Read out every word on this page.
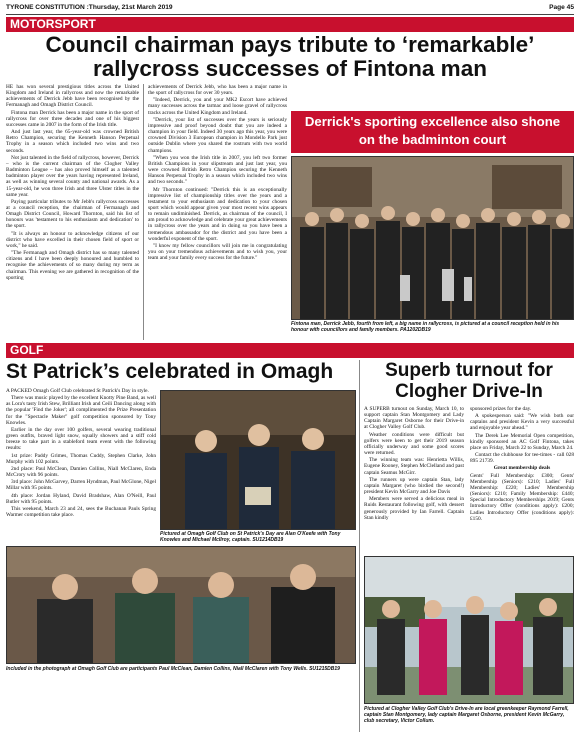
TYRONE CONSTITUTION :Thursday, 21st March 2019	Page 45
MOTORSPORT
Council chairman pays tribute to ‘remarkable’ rallycross successes of Fintona man

HE has won several prestigious titles across the United Kingdom and Ireland in rallycross and now the remarkable achievements of Derrick Jebb have been recognised by the Fermanagh and Omagh District Council.

Fintona man Derrick has been a major name in the sport of rallycross for over three decades and one of his biggest successes came in 2007 in the form of the Irish title.

And just last year, the 65-year-old was crowned British Retro Champion, securing the Kenneth Hanson Perpetual Trophy in a season which included two wins and two seconds.

Not just talented in the field of rallycross, however, Derrick – who is the current chairman of the Clogher Valley Badminton League – has also proved himself as a talented badminton player over the years having represented Ireland, as well as winning several county and national awards. As a 15-year-old, he won three Irish and three Ulster titles in the same year.

Paying particular tributes to Mr Jebb's rallycross successes at a council reception, the chairman of Fermanagh and Omagh District Council, Howard Thornton, said his list of honours was 'testament to his enthusiasm and dedication' to the sport.

"It is always an honour to acknowledge citizens of our district who have excelled in their chosen field of sport or work," he said.

"The Fermanagh and Omagh district has so many talented citizens and I have been deeply honoured and humbled to recognise the achievements of so many during my term as chairman. This evening we are gathered in recognition of the sporting

achievements of Derrick Jebb, who has been a major name in the sport of rallycross for over 30 years.

"Indeed, Derrick, you and your MK2 Escort have achieved many successes across the tarmac and loose gravel of rallycross tracks across the United Kingdom and Ireland.

"Derrick, your list of successes over the years is seriously impressive and proof beyond doubt that you are indeed a champion in your field. Indeed 30 years ago this year, you were crowned Division 3 European champion in Mondello Park just outside Dublin where you shared the rostrum with two world champions.

"When you won the Irish title in 2007, you left two former British Champions in your slipstream and just last year, you were crowned British Retro Champion securing the Kenneth Hanson Perpetual Trophy in a season which included two wins and two seconds."

Mr Thornton continued: "Derrick this is an exceptionally impressive list of championship titles over the years and a testament to your enthusiasm and dedication to your chosen sport which would appear given your most recent wins appears to remain undiminished. Derrick, as chairman of the council, I am proud to acknowledge and celebrate your great achievements in rallycross over the years and in doing so you have been a tremendous ambassador for the district and you have been a wonderful exponent of the sport.

"I know my fellow councillors will join me in congratulating you on your tremendous achievements and to wish you, your team and your family every success for the future."

Derrick's sporting excellence also shone on the badminton court
Fintona man, Derrick Jebb, fourth from left, a big name in rallycross, is pictured at a council reception held in his honour with councillors and family members. PA1202DB19
GOLF
St Patrick’s celebrated in Omagh

A PACKED Omagh Golf Club celebrated St Patrick's Day in style.

There was music played by the excellent Knotty Pine Band, as well as Lora's tasty Irish Stew, Brilliant Irish and Ceili Dancing along with the popular 'Find the Joker'; all complimented the Prize Presentation for the "Spectacle Maker" golf competition sponsored by Tony Knowles.

Earlier in the day over 100 golfers, several wearing traditional green outfits, braved light snow, squally showers and a stiff cold breeze to take part in a stableford team event with the following results:

1st prize: Paddy Grimes, Thomas Cuddy, Stephen Clarke, John Murphy with 102 points.

2nd place: Paul McClean, Damien Collins, Niall McClaren, Enda McCrory with 96 points.

3rd place: John McGarvey, Darren Hyndman, Paul McGlone, Nigel Millar with 95 points.

4th place: Jordan Hyland, David Bradshaw, Alan O'Neill, Paul Butler with 95 points.

This weekend, March 23 and 24, sees the Buchanan Pauls Spring Warmer competition take place.

Pictured at Omagh Golf Club on St Patrick's Day are Alan O'Keefe with Tony Knowles and Michael McIlroy, captain. SU1214DB19
Included in the photograph at Omagh Golf Club are participants Paul McClean, Damien Collins, Niall McClaren with Tony Wells. SU1215DB19
Superb turnout for Clogher Drive-In

A SUPERB turnout on Sunday, March 10, to support captain Stan Montgomery and Lady Captain Margaret Osborne for their Drive-in at Clogher Valley Golf Club.

Weather conditions were difficult but golfers were keen to get their 2019 season officially underway and some good scores were returned.

The winning team was: Henrietta Willis, Eugene Rooney, Stephen McClelland and past captain Seamus McGirr.

The runners up were captain Stan, lady captain Margaret (who birdied the second!) president Kevin McGarry and Joe Davis

Members were served a delicious meal in Ruids Restaurant following golf, with dessert generously provided by Ian Farrell. Captain Stan kindly

sponsored prizes for the day.

A spokesperson said: "We wish both our captains and president Kevin a very successful and enjoyable year ahead."

The Derek Lee Memorial Open competition, kindly sponsored an AC Golf Fintona, takes place on Friday, March 22 to Sunday, March 24.

Contact the clubhouse for tee-times - call 028 895 21739.

Great membership deals

Gents' Full Membership: £300; Gents' Membership (Seniors): £210; Ladies' Full Membership: £220; Ladies' Membership (Seniors): £210; Family Membership: £440; Special Introductory Memberships 2019; Gents Introductory Offer (conditions apply): £200; Ladies Introductory Offer (conditions apply): £150.

Pictured at Clogher Valley Golf Club's Drive-In are local greenkeeper Raymond Farrell, captain Stan Montgomery, lady captain Margaret Osborne, president Kevin McGarry, club secretary, Victor Collum.
